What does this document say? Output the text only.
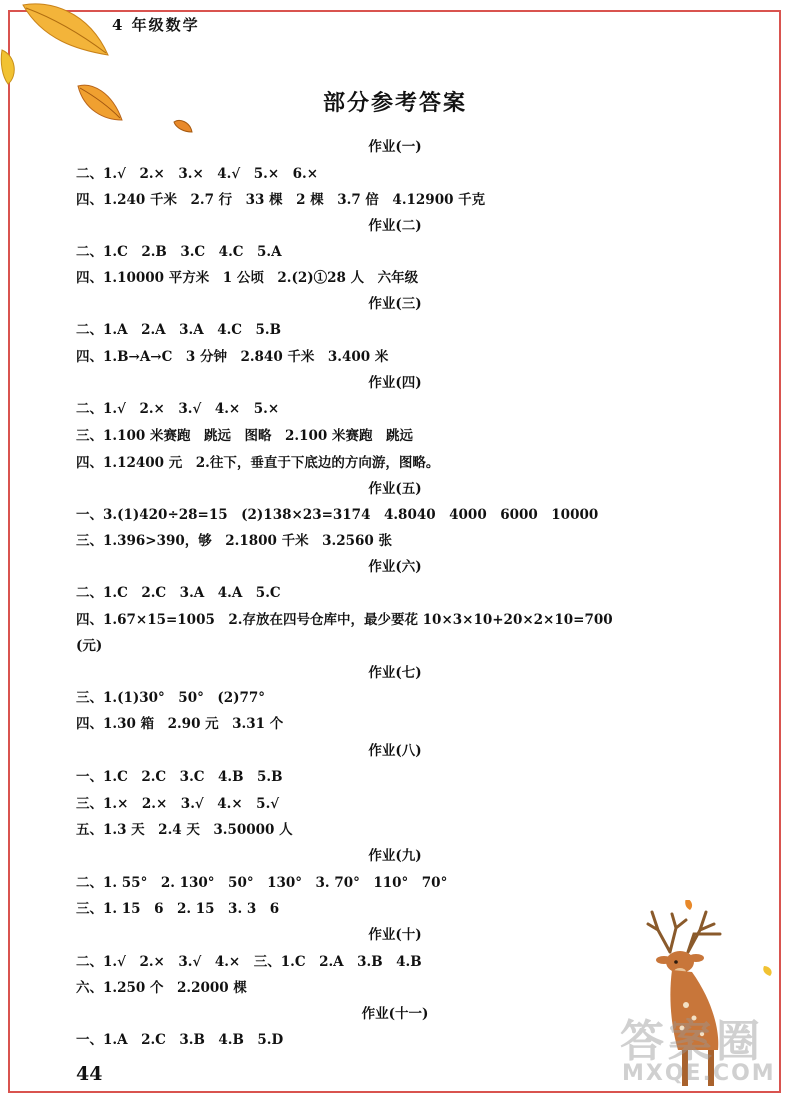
4 年级数学
部分参考答案
作业(一)
二、1.√　2.×　3.×　4.√　5.×　6.×
四、1.240 千米　2.7 行　33 棵　2 棵　3.7 倍　4.12900 千克
作业(二)
二、1.C　2.B　3.C　4.C　5.A
四、1.10000 平方米　1 公顷　2.(2)①28 人　六年级
作业(三)
二、1.A　2.A　3.A　4.C　5.B
四、1.B→A→C　3 分钟　2.840 千米　3.400 米
作业(四)
二、1.√　2.×　3.√　4.×　5.×
三、1.100 米赛跑　跳远　图略　2.100 米赛跑　跳远
四、1.12400 元　2.往下，垂直于下底边的方向游，图略。
作业(五)
一、3.(1)420÷28=15　(2)138×23=3174　4.8040　4000　6000　10000
三、1.396>390，够　2.1800 千米　3.2560 张
作业(六)
二、1.C　2.C　3.A　4.A　5.C
四、1.67×15=1005　2.存放在四号仓库中，最少要花 10×3×10+20×2×10=700
(元)
作业(七)
三、1.(1)30°　50°　(2)77°
四、1.30 箱　2.90 元　3.31 个
作业(八)
一、1.C　2.C　3.C　4.B　5.B
三、1.×　2.×　3.√　4.×　5.√
五、1.3 天　2.4 天　3.50000 人
作业(九)
二、1. 55°　2. 130°　50°　130°　3. 70°　110°　70°
三、1. 15　6　2. 15　3. 3　6
作业(十)
二、1.√　2.×　3.√　4.×　三、1.C　2.A　3.B　4.B
六、1.250 个　2.2000 棵
作业(十一)
一、1.A　2.C　3.B　4.B　5.D
44
答案圈
MXQE.COM
